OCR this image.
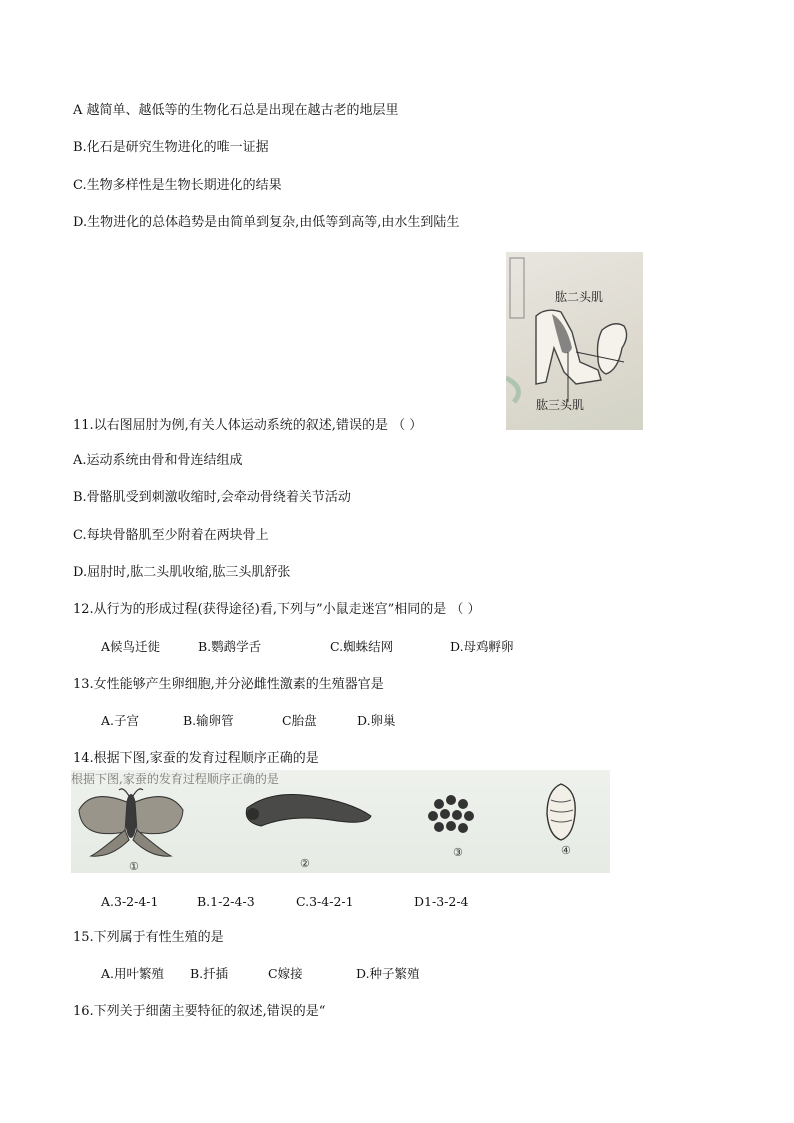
A 越简单、越低等的生物化石总是出现在越古老的地层里
B.化石是研究生物进化的唯一证据
C.生物多样性是生物长期进化的结果
D.生物进化的总体趋势是由简单到复杂,由低等到高等,由水生到陆生
肱二头肌
肱三头肌
11.以右图屈肘为例,有关人体运动系统的叙述,错误的是 （ ）
A.运动系统由骨和骨连结组成
B.骨骼肌受到刺激收缩时,会牵动骨绕着关节活动
C.每块骨骼肌至少附着在两块骨上
D.屈肘时,肱二头肌收缩,肱三头肌舒张
12.从行为的形成过程(获得途径)看,下列与”小鼠走迷宫”相同的是 （ ）
A候鸟迁徙	B.鹦鹉学舌	C.蜘蛛结网	D.母鸡孵卵
13.女性能够产生卵细胞,并分泌雌性激素的生殖器官是
A.子宫	B.输卵管	C胎盘	D.卵巢
14.根据下图,家蚕的发育过程顺序正确的是
根据下图,家蚕的发育过程顺序正确的是
①	②
③	④
A.3-2-4-1	B.1-2-4-3	C.3-4-2-1	D1-3-2-4
15.下列属于有性生殖的是
A.用叶繁殖 B.扦插	C嫁接	D.种子繁殖
16.下列关于细菌主要特征的叙述,错误的是“
